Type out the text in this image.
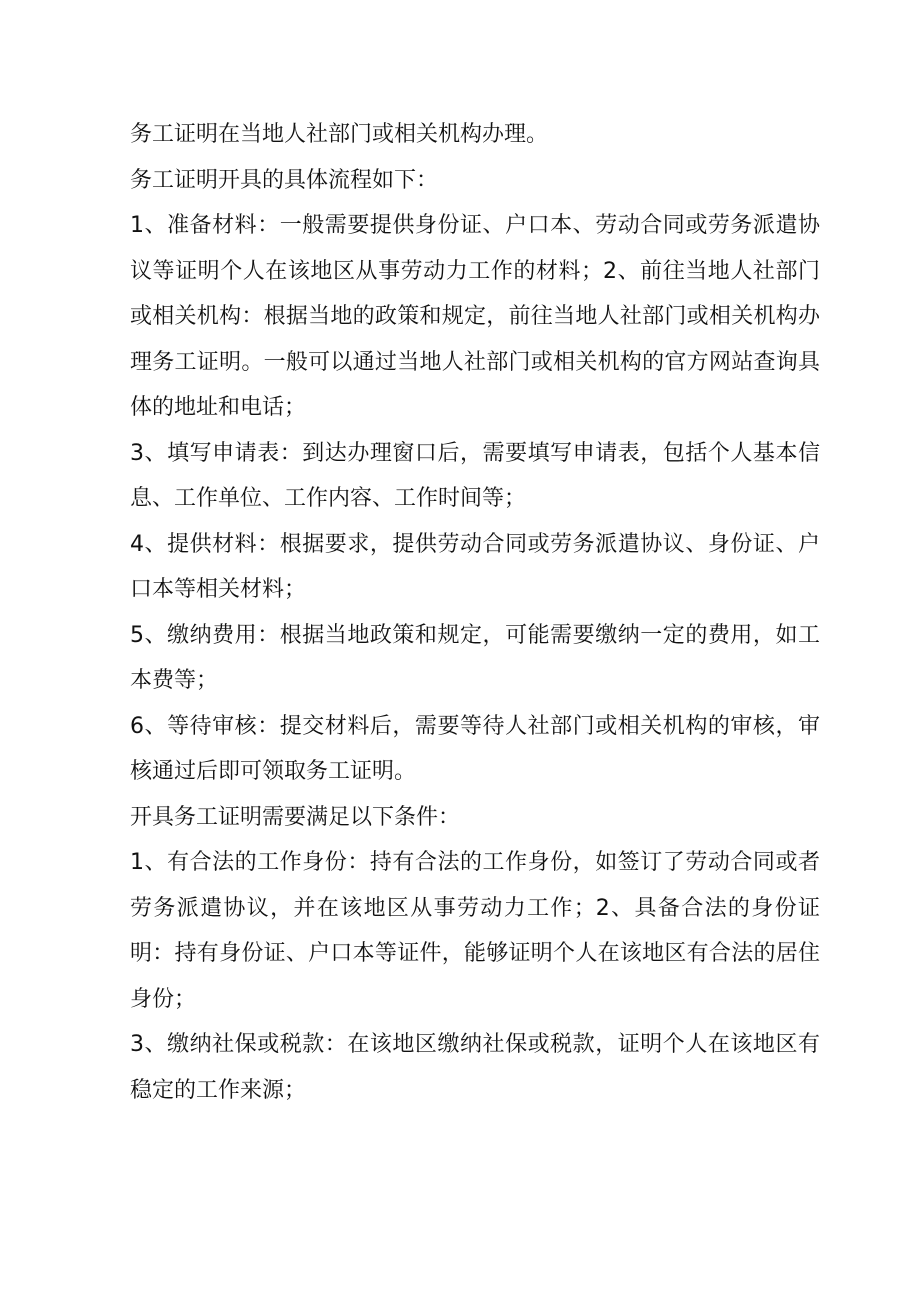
务工证明在当地人社部门或相关机构办理。

务工证明开具的具体流程如下：

1、准备材料：一般需要提供身份证、户口本、劳动合同或劳务派遣协议等证明个人在该地区从事劳动力工作的材料；2、前往当地人社部门或相关机构：根据当地的政策和规定，前往当地人社部门或相关机构办理务工证明。一般可以通过当地人社部门或相关机构的官方网站查询具体的地址和电话；

3、填写申请表：到达办理窗口后，需要填写申请表，包括个人基本信息、工作单位、工作内容、工作时间等；

4、提供材料：根据要求，提供劳动合同或劳务派遣协议、身份证、户口本等相关材料；

5、缴纳费用：根据当地政策和规定，可能需要缴纳一定的费用，如工本费等；

6、等待审核：提交材料后，需要等待人社部门或相关机构的审核，审核通过后即可领取务工证明。

开具务工证明需要满足以下条件：

1、有合法的工作身份：持有合法的工作身份，如签订了劳动合同或者劳务派遣协议，并在该地区从事劳动力工作；2、具备合法的身份证明：持有身份证、户口本等证件，能够证明个人在该地区有合法的居住身份；

3、缴纳社保或税款：在该地区缴纳社保或税款，证明个人在该地区有稳定的工作来源；
